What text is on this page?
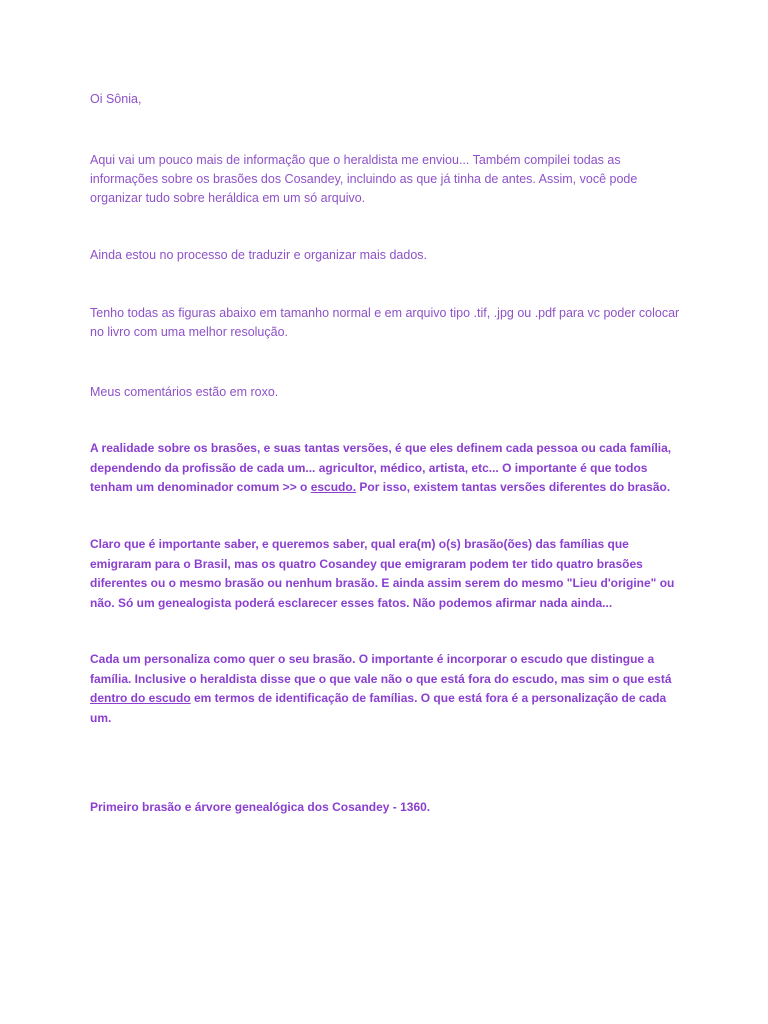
Oi Sônia,

Aqui vai um pouco mais de informação que o heraldista me enviou... Também compilei todas as informações sobre os brasões dos Cosandey, incluindo as que já tinha de antes. Assim, você pode organizar tudo sobre heráldica em um só arquivo.

Ainda estou no processo de traduzir e organizar mais dados.

Tenho todas as figuras abaixo em tamanho normal e em arquivo tipo .tif, .jpg ou .pdf para vc poder colocar no livro com uma melhor resolução.

Meus comentários estão em roxo.

A realidade sobre os brasões, e suas tantas versões, é que eles definem cada pessoa ou cada família, dependendo da profissão de cada um... agricultor, médico, artista, etc... O importante é que todos tenham um denominador comum >> o escudo. Por isso, existem tantas versões diferentes do brasão.

Claro que é importante saber, e queremos saber, qual era(m) o(s) brasão(ões) das famílias que emigraram para o Brasil, mas os quatro Cosandey que emigraram podem ter tido quatro brasões diferentes ou o mesmo brasão ou nenhum brasão. E ainda assim serem do mesmo "Lieu d'origine" ou não. Só um genealogista poderá esclarecer esses fatos. Não podemos afirmar nada ainda...

Cada um personaliza como quer o seu brasão. O importante é incorporar o escudo que distingue a família. Inclusive o heraldista disse que o que vale não o que está fora do escudo, mas sim o que está dentro do escudo em termos de identificação de famílias. O que está fora é a personalização de cada um.

Primeiro brasão e árvore genealógica dos Cosandey - 1360.
